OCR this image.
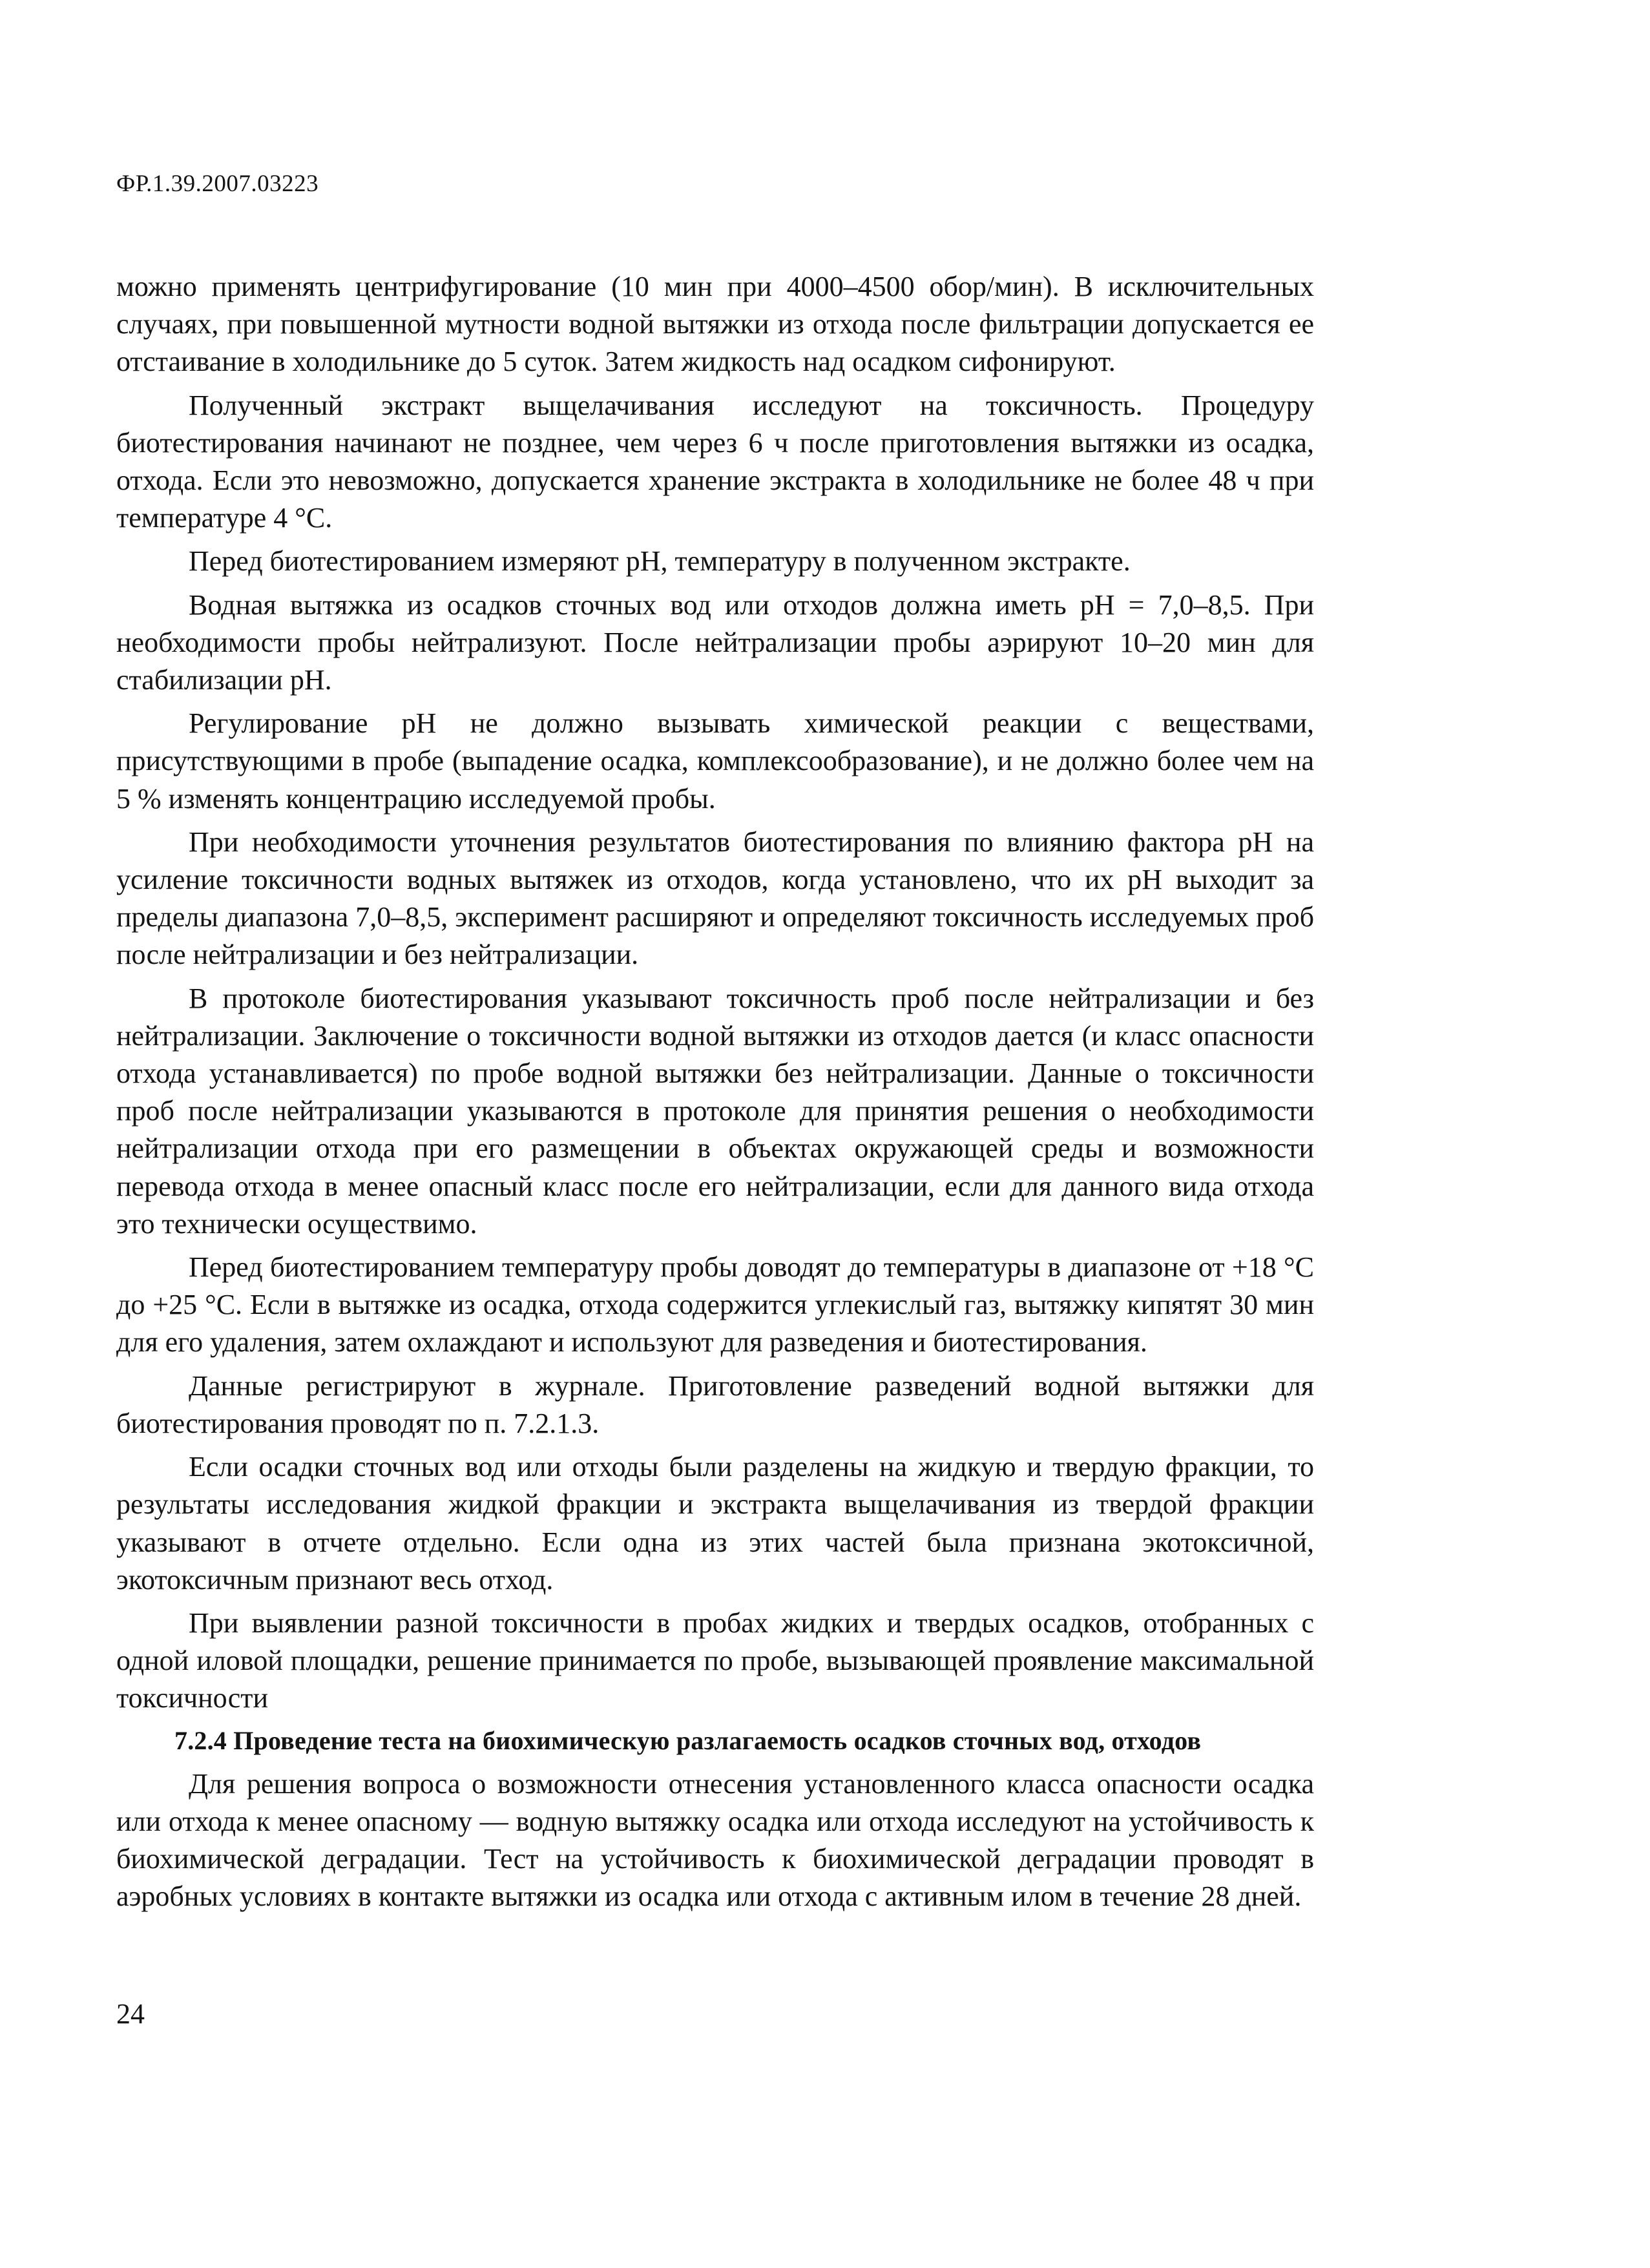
ФР.1.39.2007.03223

можно применять центрифугирование (10 мин при 4000–4500 обор/мин). В исключительных случаях, при повышенной мутности водной вытяжки из отхода после фильтрации допускается ее отстаивание в холодильнике до 5 суток. Затем жидкость над осадком сифонируют.

Полученный экстракт выщелачивания исследуют на токсичность. Процедуру биотестирования начинают не позднее, чем через 6 ч после приготовления вытяжки из осадка, отхода. Если это невозможно, допускается хранение экстракта в холодильнике не более 48 ч при температуре 4 °С.

Перед биотестированием измеряют pH, температуру в полученном экстракте.

Водная вытяжка из осадков сточных вод или отходов должна иметь pH = 7,0–8,5. При необходимости пробы нейтрализуют. После нейтрализации пробы аэрируют 10–20 мин для стабилизации pH.

Регулирование pH не должно вызывать химической реакции с веществами, присутствующими в пробе (выпадение осадка, комплексообразование), и не должно более чем на 5 % изменять концентрацию исследуемой пробы.

При необходимости уточнения результатов биотестирования по влиянию фактора pH на усиление токсичности водных вытяжек из отходов, когда установлено, что их pH выходит за пределы диапазона 7,0–8,5, эксперимент расширяют и определяют токсичность исследуемых проб после нейтрализации и без нейтрализации.

В протоколе биотестирования указывают токсичность проб после нейтрализации и без нейтрализации. Заключение о токсичности водной вытяжки из отходов дается (и класс опасности отхода устанавливается) по пробе водной вытяжки без нейтрализации. Данные о токсичности проб после нейтрализации указываются в протоколе для принятия решения о необходимости нейтрализации отхода при его размещении в объектах окружающей среды и возможности перевода отхода в менее опасный класс после его нейтрализации, если для данного вида отхода это технически осуществимо.

Перед биотестированием температуру пробы доводят до температуры в диапазоне от +18 °С до +25 °С. Если в вытяжке из осадка, отхода содержится углекислый газ, вытяжку кипятят 30 мин для его удаления, затем охлаждают и используют для разведения и биотестирования.

Данные регистрируют в журнале. Приготовление разведений водной вытяжки для биотестирования проводят по п. 7.2.1.3.

Если осадки сточных вод или отходы были разделены на жидкую и твердую фракции, то результаты исследования жидкой фракции и экстракта выщелачивания из твердой фракции указывают в отчете отдельно. Если одна из этих частей была признана экотоксичной, экотоксичным признают весь отход.

При выявлении разной токсичности в пробах жидких и твердых осадков, отобранных с одной иловой площадки, решение принимается по пробе, вызывающей проявление максимальной токсичности

7.2.4 Проведение теста на биохимическую разлагаемость осадков сточных вод, отходов

Для решения вопроса о возможности отнесения установленного класса опасности осадка или отхода к менее опасному — водную вытяжку осадка или отхода исследуют на устойчивость к биохимической деградации. Тест на устойчивость к биохимической деградации проводят в аэробных условиях в контакте вытяжки из осадка или отхода с активным илом в течение 28 дней.

24
